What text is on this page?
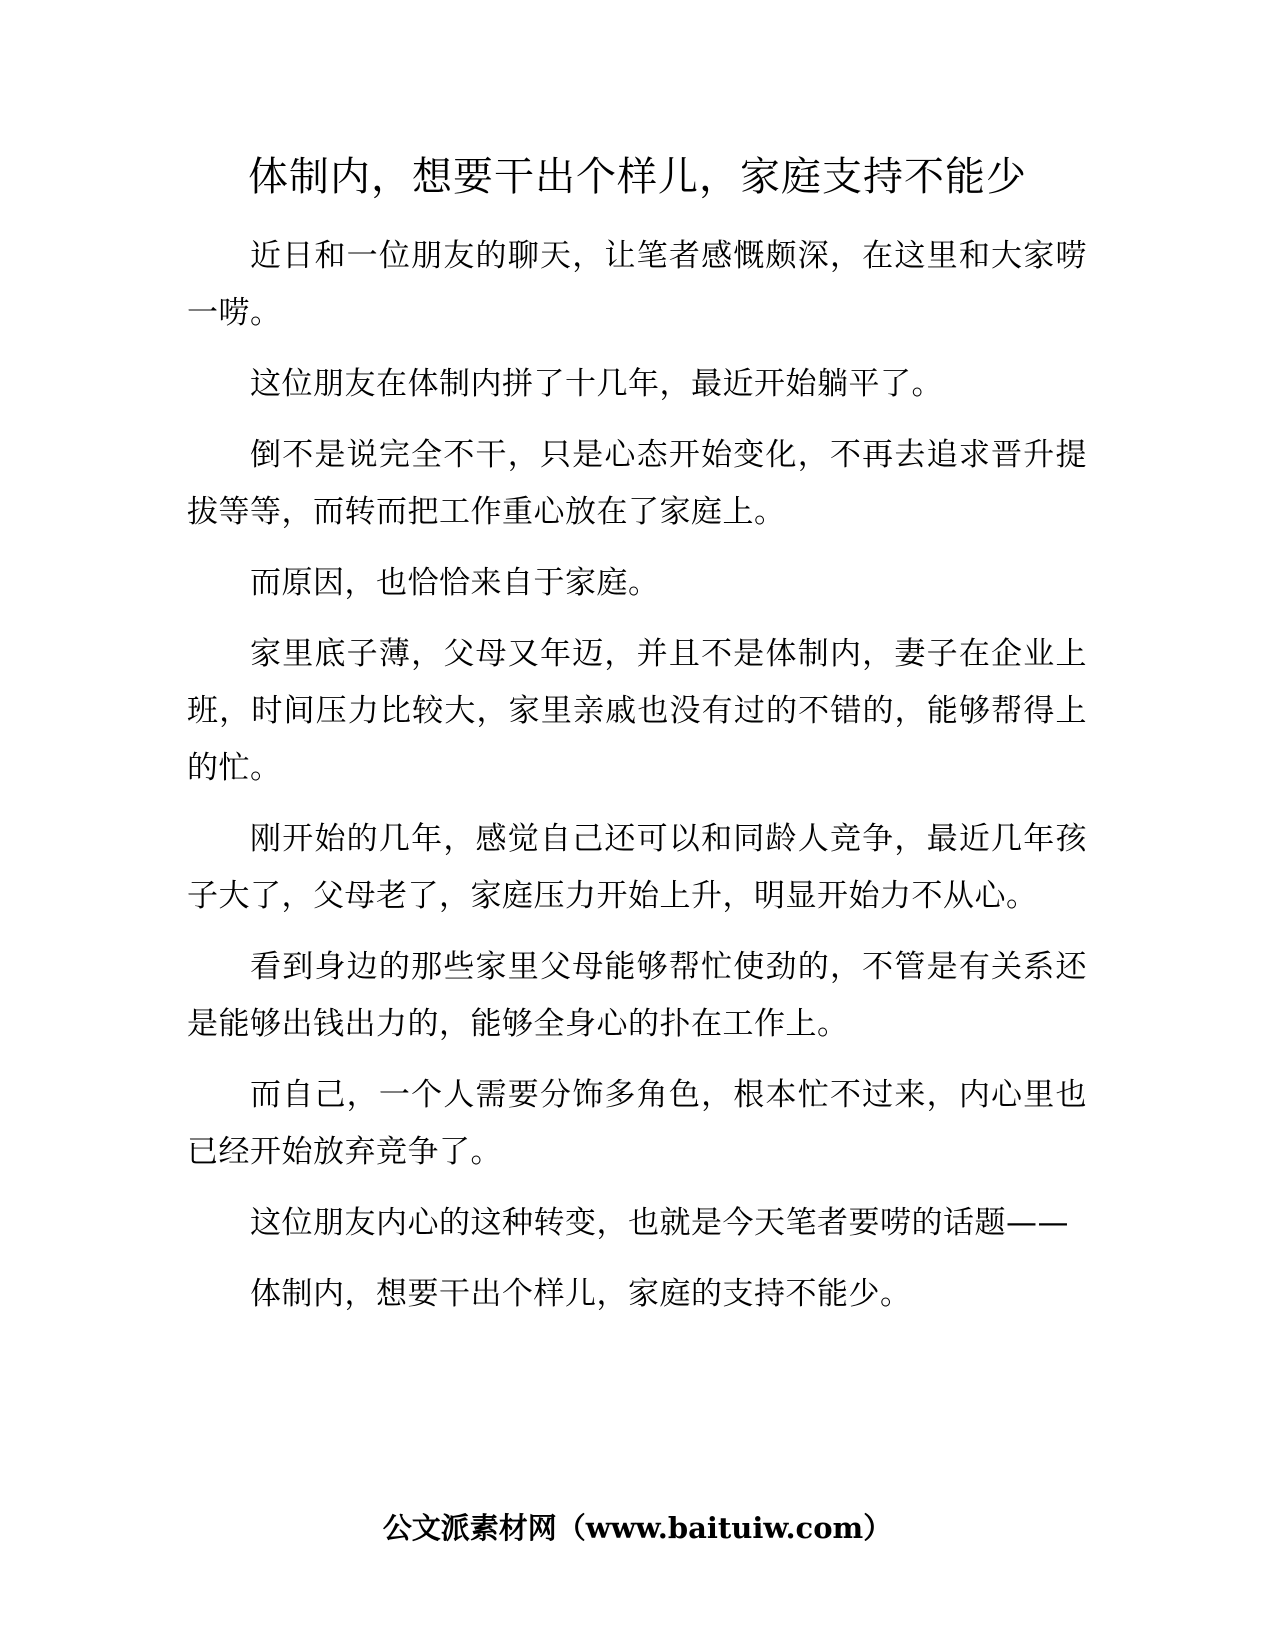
体制内，想要干出个样儿，家庭支持不能少

近日和一位朋友的聊天，让笔者感慨颇深，在这里和大家唠一唠。

这位朋友在体制内拼了十几年，最近开始躺平了。

倒不是说完全不干，只是心态开始变化，不再去追求晋升提拔等等，而转而把工作重心放在了家庭上。

而原因，也恰恰来自于家庭。

家里底子薄，父母又年迈，并且不是体制内，妻子在企业上班，时间压力比较大，家里亲戚也没有过的不错的，能够帮得上的忙。

刚开始的几年，感觉自己还可以和同龄人竞争，最近几年孩子大了，父母老了，家庭压力开始上升，明显开始力不从心。

看到身边的那些家里父母能够帮忙使劲的，不管是有关系还是能够出钱出力的，能够全身心的扑在工作上。

而自己，一个人需要分饰多角色，根本忙不过来，内心里也已经开始放弃竞争了。

这位朋友内心的这种转变，也就是今天笔者要唠的话题——

体制内，想要干出个样儿，家庭的支持不能少。

公文派素材网（www.baituiw.com）
